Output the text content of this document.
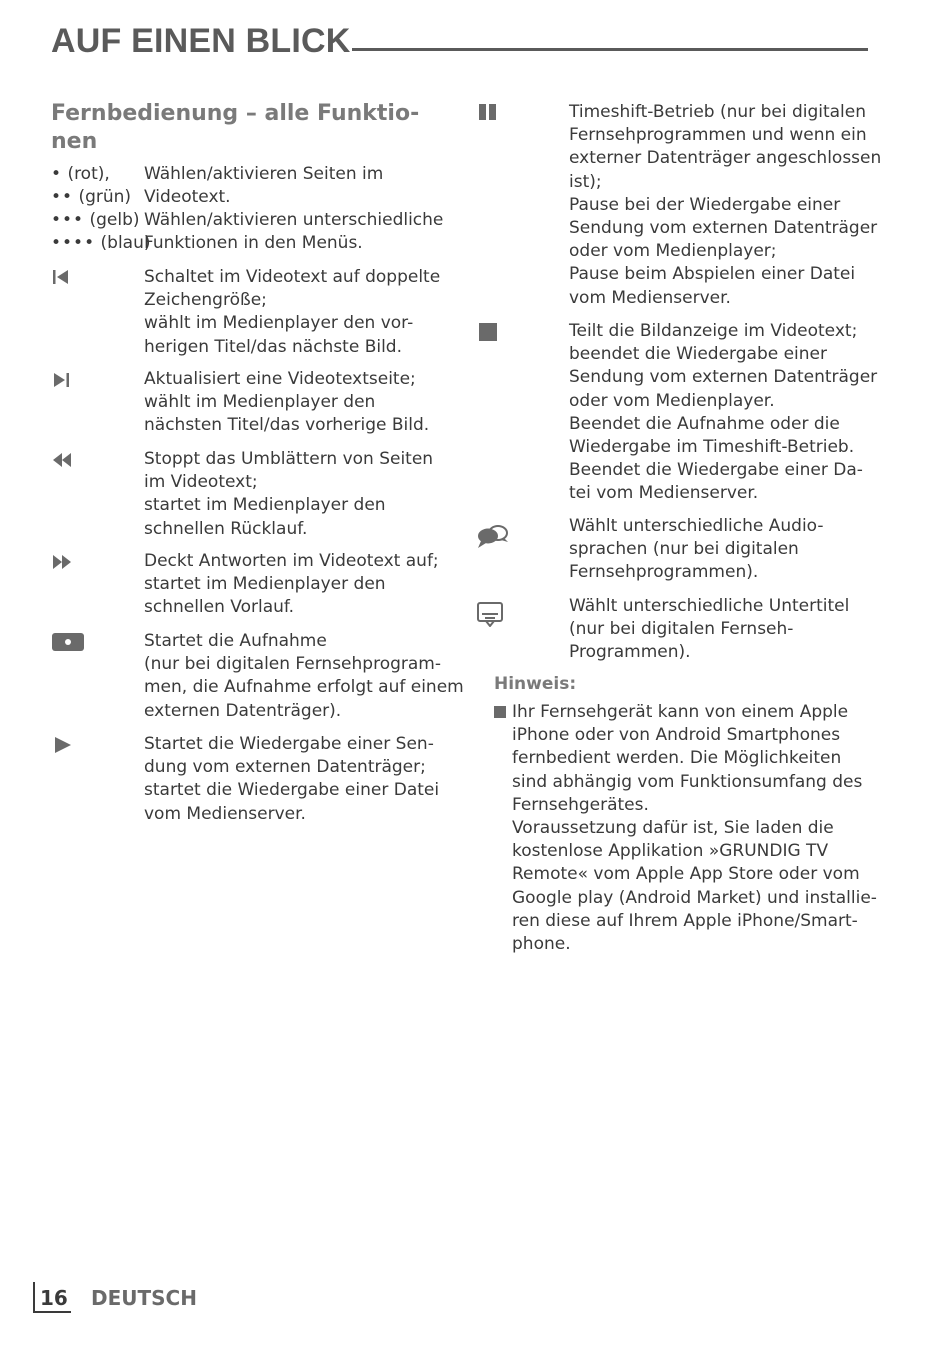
AUF EINEN BLICK
Fernbedienung – alle Funktio-
nen
• (rot), Wählen/aktivieren Seiten im
•• (grün) Videotext.
••• (gelb) Wählen/aktivieren unterschiedliche
•••• (blau)
Funktionen in den Menüs.
Schaltet im Videotext auf doppelte
Zeichengröße;
wählt im Medienplayer den vor-
herigen Titel/das nächste Bild.
Aktualisiert eine Videotextseite;
wählt im Medienplayer den
nächsten Titel/das vorherige Bild.
Stoppt das Umblättern von Seiten
im Videotext;
startet im Medienplayer den
schnellen Rücklauf.
Deckt Antworten im Videotext auf;
startet im Medienplayer den
schnellen Vorlauf.
Startet die Aufnahme
(nur bei digitalen Fernsehprogram-
men, die Aufnahme erfolgt auf einem
externen Datenträger).
Startet die Wiedergabe einer Sen-
dung vom externen Datenträger;
startet die Wiedergabe einer Datei
vom Medienserver.
Timeshift-Betrieb (nur bei digitalen
Fernsehprogrammen und wenn ein
externer Datenträger angeschlossen
ist);
Pause bei der Wiedergabe einer
Sendung vom externen Datenträger
oder vom Medienplayer;
Pause beim Abspielen einer Datei
vom Medienserver.
Teilt die Bildanzeige im Videotext;
beendet die Wiedergabe einer
Sendung vom externen Datenträger
oder vom Medienplayer.
Beendet die Aufnahme oder die
Wiedergabe im Timeshift-Betrieb.
Beendet die Wiedergabe einer Da-
tei vom Medienserver.
Wählt unterschiedliche Audio-
sprachen (nur bei digitalen
Fernsehprogrammen).
Wählt unterschiedliche Untertitel
(nur bei digitalen Fernseh-
Programmen).
Hinweis:
Ihr Fernsehgerät kann von einem Apple
iPhone oder von Android Smartphones
fernbedient werden. Die Möglichkeiten
sind abhängig vom Funktionsumfang des
Fernsehgerätes.
Voraussetzung dafür ist, Sie laden die
kostenlose Applikation »GRUNDIG TV
Remote« vom Apple App Store oder vom
Google play (Android Market) und installie-
ren diese auf Ihrem Apple iPhone/Smart-
phone.
16 DEUTSCH
